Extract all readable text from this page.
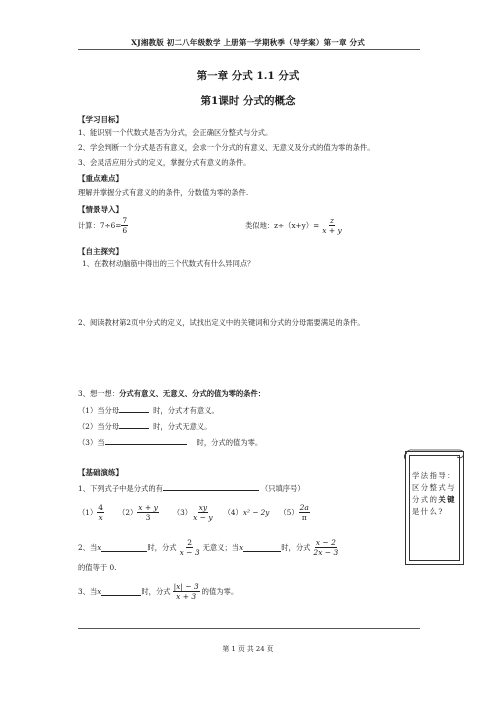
XJ湘教版 初二八年级数学 上册第一学期秋季（导学案）第一章 分式
第一章 分式 1.1 分式
第1课时 分式的概念
【学习目标】
1、能识别一个代数式是否为分式，会正确区分整式与分式。
2、学会判断一个分式是否有意义，会求一个分式的有意义、无意义及分式的值为零的条件。
3、会灵活应用分式的定义，掌握分式有意义的条件。
【重点难点】
理解并掌握分式有意义的的条件，分数值为零的条件.
【情景导入】
计算：$7\div 6= \frac{7}{6}$	类似地：$z\div(x+y)= \frac{z}{x + y}$
【自主探究】
1、在教材动脑筋中得出的三个代数式有什么异同点？
2、阅读教材第2页中分式的定义，试找出定义中的关键词和分式的分母需要满足的条件。
3、想一想：分式有意义、无意义、分式的值为零的条件：
（1）当分母	时，分式才有意义。
（2）当分母	时，分式无意义。
（3）当	时，分式的值为零。
【基础演练】
1、下列式子中是分式的有	（只填序号）
$(1) \frac{4}{x} (2) \frac{x + y}{3} (3) \frac{xy}{x - y} (4) x^2 - 2y$ $(5) \frac{2a}{\pi}$
2、当 x	时，分式 $\frac{2}{x - 3}$ 无意义；当 x	时，分式 $\frac{x - 2}{2x - 3}$
的值等于 0.
3、当 x	时，分式 $\frac{|x| - 3}{x + 3}$ 的值为零。
学法指导：区分整式与分式的关键是什么?
第 1 页 共 24 页
